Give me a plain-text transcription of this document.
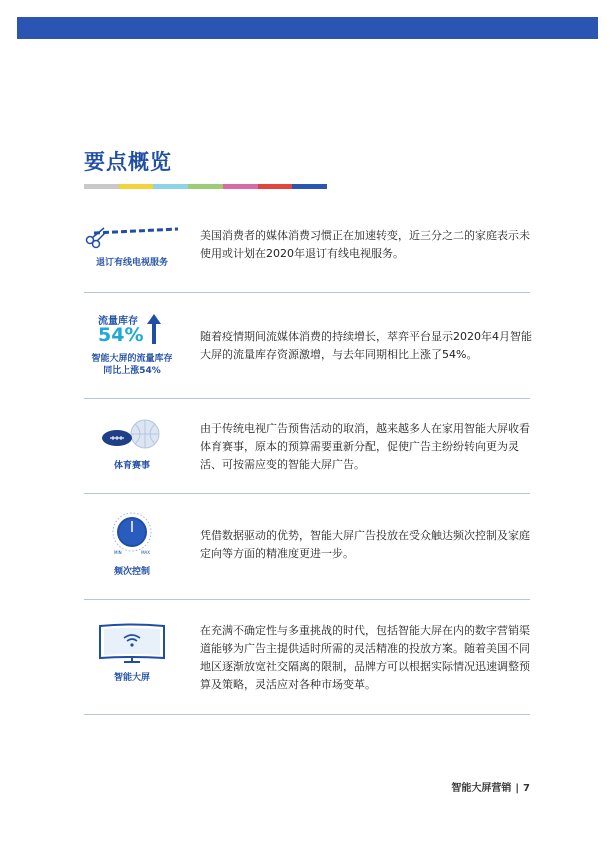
要点概览
退订有线电视服务

美国消费者的媒体消费习惯正在加速转变，近三分之二的家庭表示未使用或计划在2020年退订有线电视服务。

流量库存
54%
智能大屏的流量库存
同比上涨54%

随着疫情期间流媒体消费的持续增长，萃弈平台显示2020年4月智能大屏的流量库存资源激增，与去年同期相比上涨了54%。

体育赛事

由于传统电视广告预售活动的取消，越来越多人在家用智能大屏收看体育赛事，原本的预算需要重新分配，促使广告主纷纷转向更为灵活、可按需应变的智能大屏广告。

MIN	MAX
频次控制

凭借数据驱动的优势，智能大屏广告投放在受众触达频次控制及家庭定向等方面的精准度更进一步。

智能大屏

在充满不确定性与多重挑战的时代，包括智能大屏在内的数字营销渠道能够为广告主提供适时所需的灵活精准的投放方案。随着美国不同地区逐渐放宽社交隔离的限制，品牌方可以根据实际情况迅速调整预算及策略，灵活应对各种市场变革。

智能大屏营销 | 7
